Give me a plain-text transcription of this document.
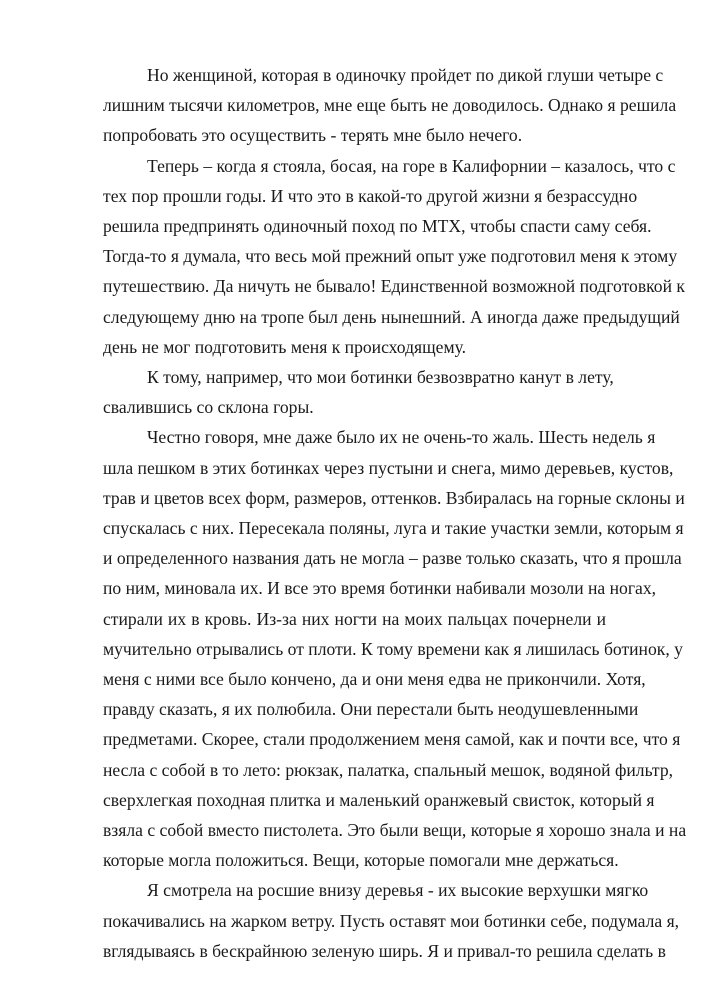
Но женщиной, которая в одиночку пройдет по дикой глуши четыре с
лишним тысячи километров, мне еще быть не доводилось. Однако я решила
попробовать это осуществить - терять мне было нечего.
Теперь – когда я стояла, босая, на горе в Калифорнии – казалось, что с
тех пор прошли годы. И что это в какой-то другой жизни я безрассудно
решила предпринять одиночный поход по МТХ, чтобы спасти саму себя.
Тогда-то я думала, что весь мой прежний опыт уже подготовил меня к этому
путешествию. Да ничуть не бывало! Единственной возможной подготовкой к
следующему дню на тропе был день нынешний. А иногда даже предыдущий
день не мог подготовить меня к происходящему.
К тому, например, что мои ботинки безвозвратно канут в лету,
свалившись со склона горы.
Честно говоря, мне даже было их не очень-то жаль. Шесть недель я
шла пешком в этих ботинках через пустыни и снега, мимо деревьев, кустов,
трав и цветов всех форм, размеров, оттенков. Взбиралась на горные склоны и
спускалась с них. Пересекала поляны, луга и такие участки земли, которым я
и определенного названия дать не могла – разве только сказать, что я прошла
по ним, миновала их. И все это время ботинки набивали мозоли на ногах,
стирали их в кровь. Из-за них ногти на моих пальцах почернели и
мучительно отрывались от плоти. К тому времени как я лишилась ботинок, у
меня с ними все было кончено, да и они меня едва не прикончили. Хотя,
правду сказать, я их полюбила. Они перестали быть неодушевленными
предметами. Скорее, стали продолжением меня самой, как и почти все, что я
несла с собой в то лето: рюкзак, палатка, спальный мешок, водяной фильтр,
сверхлегкая походная плитка и маленький оранжевый свисток, который я
взяла с собой вместо пистолета. Это были вещи, которые я хорошо знала и на
которые могла положиться. Вещи, которые помогали мне держаться.
Я смотрела на росшие внизу деревья - их высокие верхушки мягко
покачивались на жарком ветру. Пусть оставят мои ботинки себе, подумала я,
вглядываясь в бескрайнюю зеленую ширь. Я и привал-то решила сделать в
